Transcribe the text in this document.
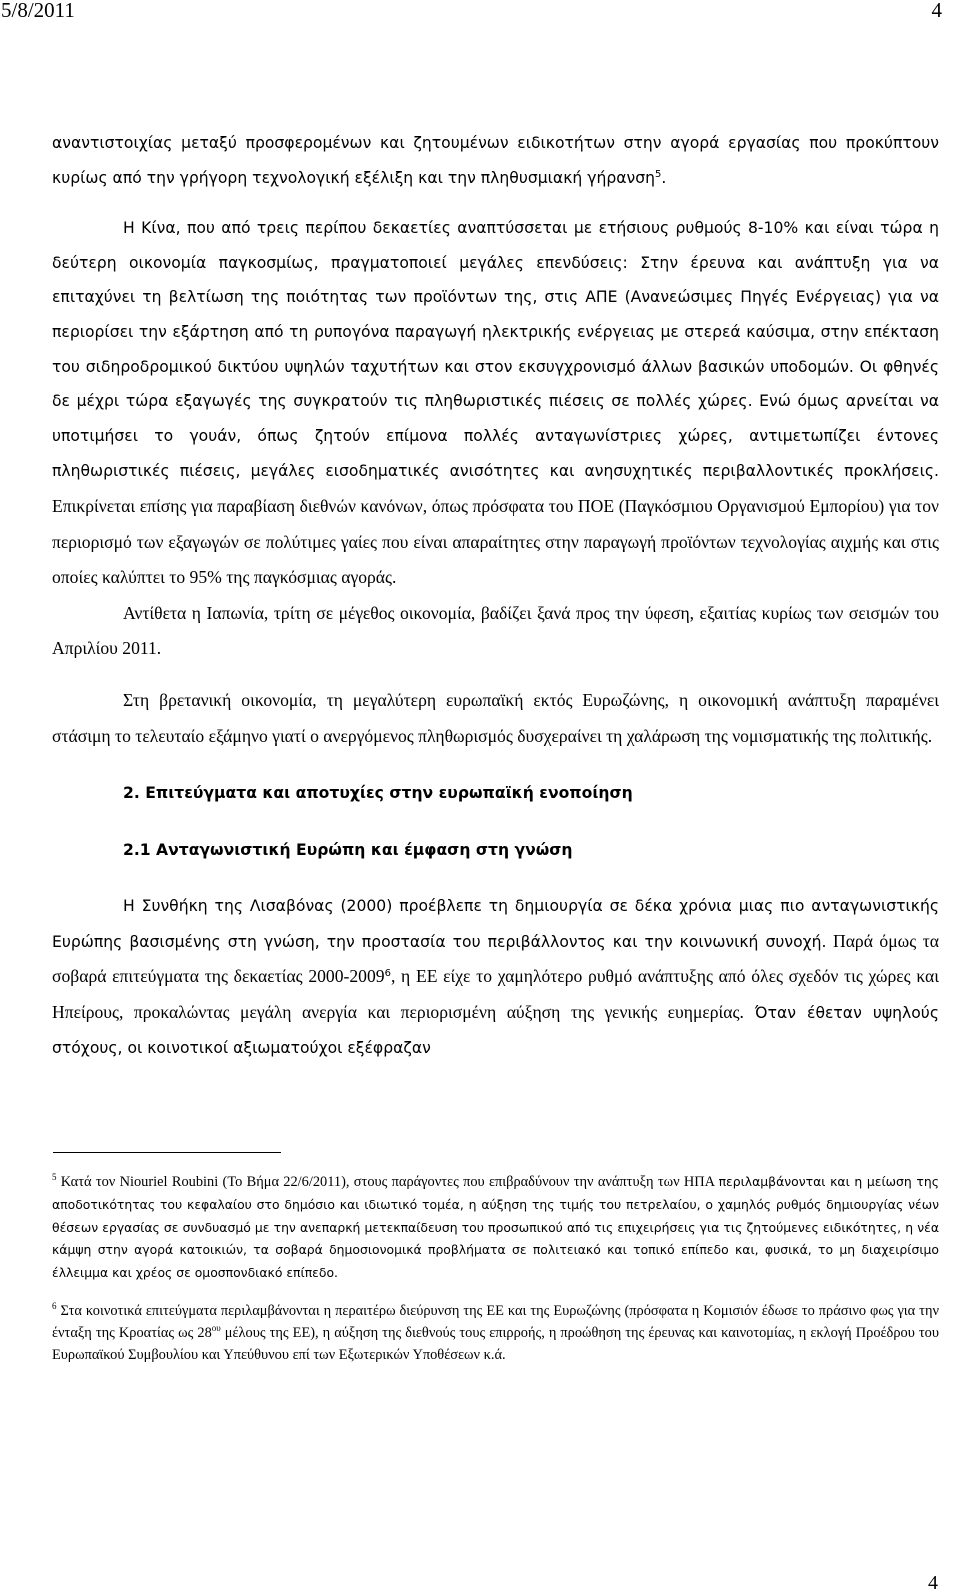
5/8/2011	4

αναντιστοιχίας μεταξύ προσφερομένων και ζητουμένων ειδικοτήτων στην αγορά εργασίας που προκύπτουν κυρίως από την γρήγορη τεχνολογική εξέλιξη και την πληθυσμιακή γήρανση$^5$.

Η Κίνα, που από τρεις περίπου δεκαετίες αναπτύσσεται με ετήσιους ρυθμούς 8-10% και είναι τώρα η δεύτερη οικονομία παγκοσμίως, πραγματοποιεί μεγάλες επενδύσεις: Στην έρευνα και ανάπτυξη για να επιταχύνει τη βελτίωση της ποιότητας των προϊόντων της, στις ΑΠΕ (Ανανεώσιμες Πηγές Ενέργειας) για να περιορίσει την εξάρτηση από τη ρυπογόνα παραγωγή ηλεκτρικής ενέργειας με στερεά καύσιμα, στην επέκταση του σιδηροδρομικού δικτύου υψηλών ταχυτήτων και στον εκσυγχρονισμό άλλων βασικών υποδομών. Οι φθηνές δε μέχρι τώρα εξαγωγές της συγκρατούν τις πληθωριστικές πιέσεις σε πολλές χώρες. Ενώ όμως αρνείται να υποτιμήσει το γουάν, όπως ζητούν επίμονα πολλές ανταγωνίστριες χώρες, αντιμετωπίζει έντονες πληθωριστικές πιέσεις, μεγάλες εισοδηματικές ανισότητες και ανησυχητικές περιβαλλοντικές προκλήσεις. Επικρίνεται επίσης για παραβίαση διεθνών κανόνων, όπως πρόσφατα του ΠΟΕ (Παγκόσμιου Οργανισμού Εμπορίου) για τον περιορισμό των εξαγωγών σε πολύτιμες γαίες που είναι απαραίτητες στην παραγωγή προϊόντων τεχνολογίας αιχμής και στις οποίες καλύπτει το 95% της παγκόσμιας αγοράς.

Αντίθετα η Ιαπωνία, τρίτη σε μέγεθος οικονομία, βαδίζει ξανά προς την ύφεση, εξαιτίας κυρίως των σεισμών του Απριλίου 2011.

Στη βρετανική οικονομία, τη μεγαλύτερη ευρωπαϊκή εκτός Ευρωζώνης, η οικονομική ανάπτυξη παραμένει στάσιμη το τελευταίο εξάμηνο γιατί ο ανεργόμενος πληθωρισμός δυσχεραίνει τη χαλάρωση της νομισματικής της πολιτικής.

2. Επιτεύγματα και αποτυχίες στην ευρωπαϊκή ενοποίηση

2.1 Ανταγωνιστική Ευρώπη και έμφαση στη γνώση

Η Συνθήκη της Λισαβόνας (2000) προέβλεπε τη δημιουργία σε δέκα χρόνια μιας πιο ανταγωνιστικής Ευρώπης βασισμένης στη γνώση, την προστασία του περιβάλλοντος και την κοινωνική συνοχή. Παρά όμως τα σοβαρά επιτεύγματα της δεκαετίας 2000-2009$^6$, η ΕΕ είχε το χαμηλότερο ρυθμό ανάπτυξης από όλες σχεδόν τις χώρες και Ηπείρους, προκαλώντας μεγάλη ανεργία και περιορισμένη αύξηση της γενικής ευημερίας. Όταν έθεταν υψηλούς στόχους, οι κοινοτικοί αξιωματούχοι εξέφραζαν

$^5$ Κατά τον Niouriel Roubini (Το Βήμα 22/6/2011), στους παράγοντες που επιβραδύνουν την ανάπτυξη των ΗΠΑ περιλαμβάνονται και η μείωση της αποδοτικότητας του κεφαλαίου στο δημόσιο και ιδιωτικό τομέα, η αύξηση της τιμής του πετρελαίου, ο χαμηλός ρυθμός δημιουργίας νέων θέσεων εργασίας σε συνδυασμό με την ανεπαρκή μετεκπαίδευση του προσωπικού από τις επιχειρήσεις για τις ζητούμενες ειδικότητες, η νέα κάμψη στην αγορά κατοικιών, τα σοβαρά δημοσιονομικά προβλήματα σε πολιτειακό και τοπικό επίπεδο και, φυσικά, το μη διαχειρίσιμο έλλειμμα και χρέος σε ομοσπονδιακό επίπεδο.

$^6$ Στα κοινοτικά επιτεύγματα περιλαμβάνονται η περαιτέρω διεύρυνση της ΕΕ και της Ευρωζώνης (πρόσφατα η Κομισιόν έδωσε το πράσινο φως για την ένταξη της Κροατίας ως $28^{o\upsilon}$ μέλους της ΕΕ), η αύξηση της διεθνούς τους επιρροής, η προώθηση της έρευνας και καινοτομίας, η εκλογή Προέδρου του Ευρωπαϊκού Συμβουλίου και Υπεύθυνου επί των Εξωτερικών Υποθέσεων κ.ά.

4
